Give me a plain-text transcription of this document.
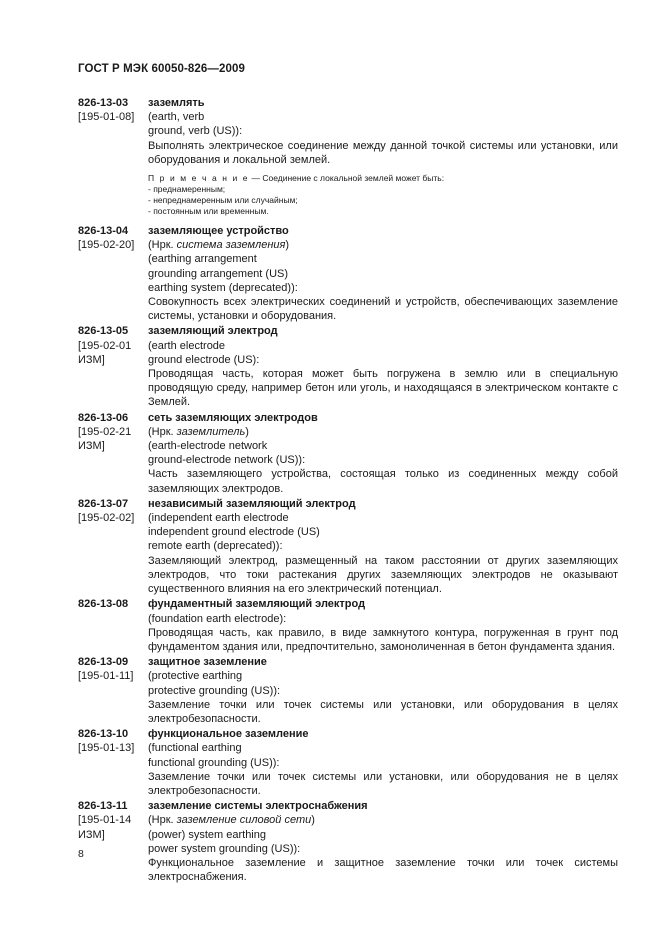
ГОСТ Р МЭК 60050-826—2009
826-13-03
[195-01-08]
заземлять
(earth, verb
ground, verb (US)):
Выполнять электрическое соединение между данной точкой системы или установки, или оборудования и локальной землей.
П р и м е ч а н и е — Соединение с локальной землей может быть:
- преднамеренным;
- непреднамеренным или случайным;
- постоянным или временным.
826-13-04
[195-02-20]
заземляющее устройство
(Нрк. система заземления)
(earthing arrangement
grounding arrangement (US)
earthing system (deprecated)):
Совокупность всех электрических соединений и устройств, обеспечивающих заземление системы, установки и оборудования.
826-13-05
[195-02-01
ИЗМ]
заземляющий электрод
(earth electrode
ground electrode (US):
Проводящая часть, которая может быть погружена в землю или в специальную проводящую среду, например бетон или уголь, и находящаяся в электрическом контакте с Землей.
826-13-06
[195-02-21
ИЗМ]
сеть заземляющих электродов
(Нрк. заземлитель)
(earth-electrode network
ground-electrode network (US)):
Часть заземляющего устройства, состоящая только из соединенных между собой заземляющих электродов.
826-13-07
[195-02-02]
независимый заземляющий электрод
(independent earth electrode
independent ground electrode (US)
remote earth (deprecated)):
Заземляющий электрод, размещенный на таком расстоянии от других заземляющих электродов, что токи растекания других заземляющих электродов не оказывают существенного влияния на его электрический потенциал.
826-13-08	фундаментный заземляющий электрод
(foundation earth electrode):
Проводящая часть, как правило, в виде замкнутого контура, погруженная в грунт под фундаментом здания или, предпочтительно, замоноличенная в бетон фундамента здания.
826-13-09
[195-01-11]
защитное заземление
(protective earthing
protective grounding (US)):
Заземление точки или точек системы или установки, или оборудования в целях электробезопасности.
826-13-10
[195-01-13]
функциональное заземление
(functional earthing
functional grounding (US)):
Заземление точки или точек системы или установки, или оборудования не в целях электробезопасности.
826-13-11
[195-01-14
ИЗМ]
заземление системы электроснабжения
(Нрк. заземление силовой сети)
(power) system earthing
power system grounding (US)):
Функциональное заземление и защитное заземление точки или точек системы электроснабжения.
8
